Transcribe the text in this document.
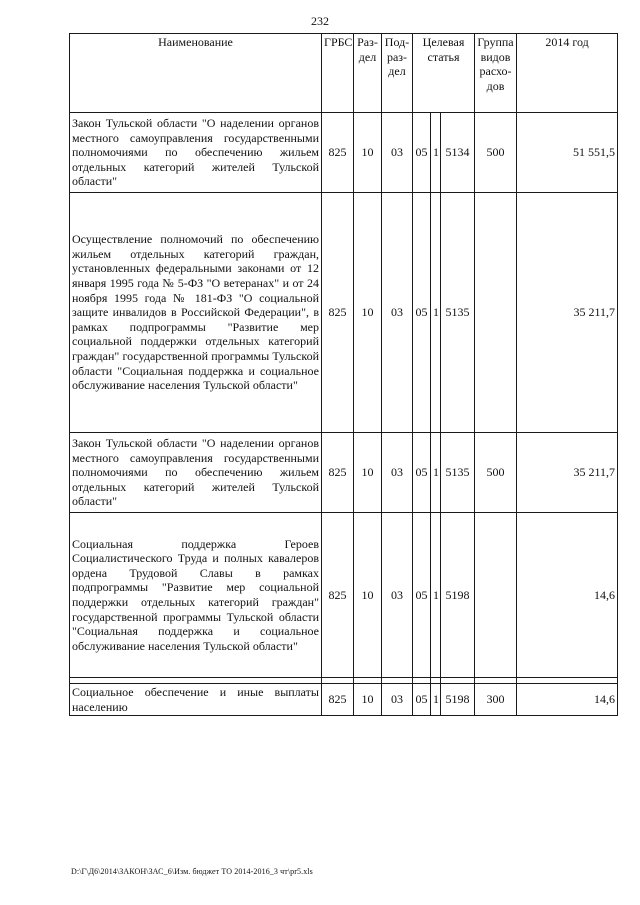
232
Наименование	ГРБС	Раз-дел	Под-раз-дел	Целевая статья			Группа видов расхо-дов	2014 год
Закон Тульской области "О наделении органов местного самоуправления государственными полномочиями по обеспечению жильем отдельных категорий жителей Тульской области"	825	10	03	05	1	5134	500	51 551,5
Осуществление полномочий по обеспечению жильем отдельных категорий граждан, установленных федеральными законами от 12 января 1995 года № 5-ФЗ "О ветеранах" и от 24 ноября 1995 года № 181-ФЗ "О социальной защите инвалидов в Российской Федерации", в рамках подпрограммы "Развитие мер социальной поддержки отдельных категорий граждан" государственной программы Тульской области "Социальная поддержка и социальное обслуживание населения Тульской области"	825	10	03	05	1	5135		35 211,7
Закон Тульской области "О наделении органов местного самоуправления государственными полномочиями по обеспечению жильем отдельных категорий жителей Тульской области"	825	10	03	05	1	5135	500	35 211,7
Социальная поддержка Героев Социалистического Труда и полных кавалеров ордена Трудовой Славы в рамках подпрограммы "Развитие мер социальной поддержки отдельных категорий граждан" государственной программы Тульской области "Социальная поддержка и социальное обслуживание населения Тульской области"	825	10	03	05	1	5198		14,6

Социальное обеспечение и иные выплаты населению	825	10	03	05	1	5198	300	14,6
D:\Г\Д6\2014\ЗАКОН\ЗАС_6\Изм. бюджет ТО 2014-2016_3 чт\pr5.xls
